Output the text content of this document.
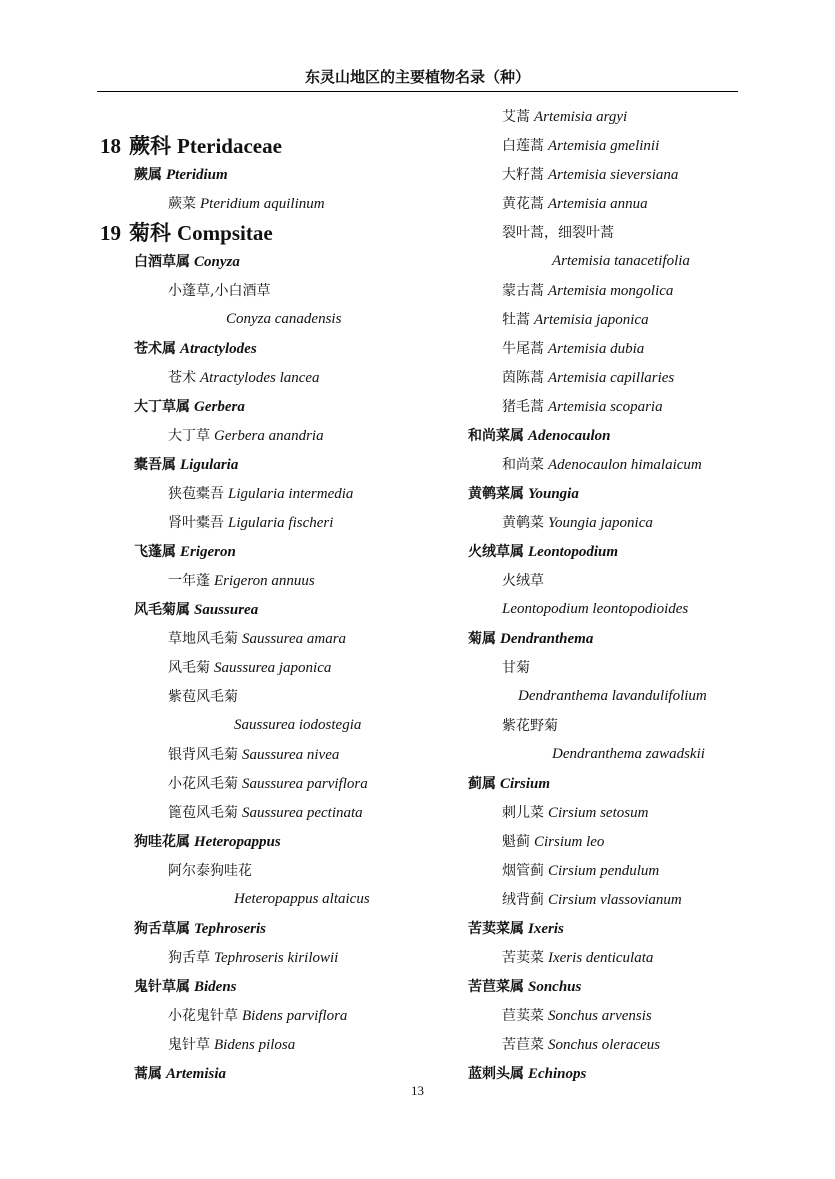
东灵山地区的主要植物名录（种）
18 蕨科 Pteridaceae
蕨属 Pteridium
蕨菜 Pteridium aquilinum
19 菊科 Compsitae
白酒草属 Conyza
小蓬草,小白酒草
Conyza canadensis
苍术属 Atractylodes
苍术 Atractylodes lancea
大丁草属 Gerbera
大丁草 Gerbera anandria
橐吾属 Ligularia
狭苞橐吾 Ligularia intermedia
肾叶橐吾 Ligularia fischeri
飞蓬属 Erigeron
一年蓬 Erigeron annuus
风毛菊属 Saussurea
草地风毛菊 Saussurea amara
风毛菊 Saussurea japonica
紫苞风毛菊
Saussurea iodostegia
银背风毛菊 Saussurea nivea
小花风毛菊 Saussurea parviflora
篦苞风毛菊 Saussurea pectinata
狗哇花属 Heteropappus
阿尔泰狗哇花
Heteropappus altaicus
狗舌草属 Tephroseris
狗舌草 Tephroseris kirilowii
鬼针草属 Bidens
小花鬼针草 Bidens parviflora
鬼针草 Bidens pilosa
蒿属 Artemisia
艾蒿 Artemisia argyi
白莲蒿 Artemisia gmelinii
大籽蒿 Artemisia sieversiana
黄花蒿 Artemisia annua
裂叶蒿，细裂叶蒿
Artemisia tanacetifolia
蒙古蒿 Artemisia mongolica
牡蒿 Artemisia japonica
牛尾蒿 Artemisia dubia
茵陈蒿 Artemisia capillaries
猪毛蒿 Artemisia scoparia
和尚菜属 Adenocaulon
和尚菜 Adenocaulon himalaicum
黄鹌菜属 Youngia
黄鹌菜 Youngia japonica
火绒草属 Leontopodium
火绒草
Leontopodium leontopodioides
菊属 Dendranthema
甘菊
Dendranthema lavandulifolium
紫花野菊
Dendranthema zawadskii
蓟属 Cirsium
刺儿菜 Cirsium setosum
魁蓟 Cirsium leo
烟管蓟 Cirsium pendulum
绒背蓟 Cirsium vlassovianum
苦荬菜属 Ixeris
苦荬菜 Ixeris denticulata
苦苣菜属 Sonchus
苣荬菜 Sonchus arvensis
苦苣菜 Sonchus oleraceus
蓝刺头属 Echinops
13
